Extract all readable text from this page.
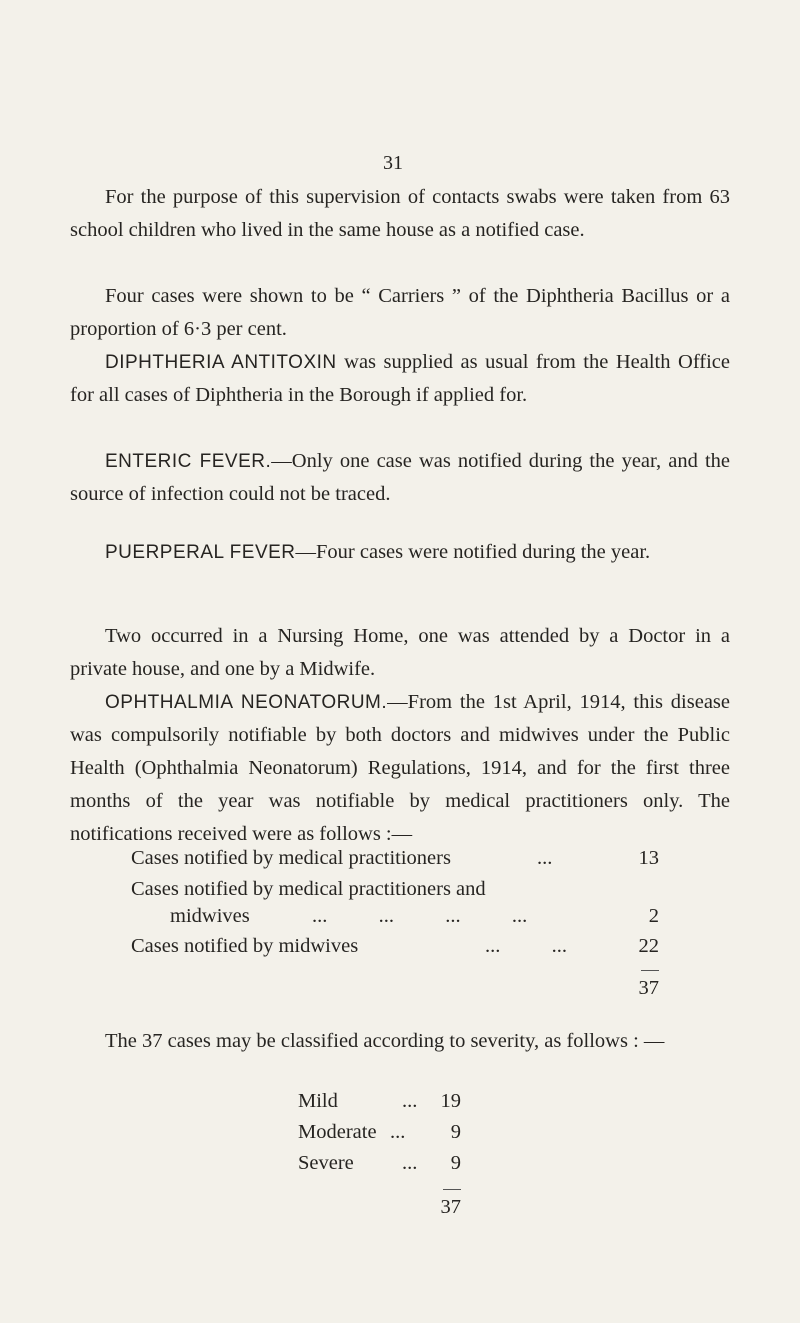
31

For the purpose of this supervision of contacts swabs were taken from 63 school children who lived in the same house as a notified case.

Four cases were shown to be “ Carriers ” of the Diphtheria Bacillus or a proportion of 6·3 per cent.

DIPHTHERIA ANTITOXIN was supplied as usual from the Health Office for all cases of Diphtheria in the Borough if applied for.

ENTERIC FEVER.—Only one case was notified during the year, and the source of infection could not be traced.

PUERPERAL FEVER—Four cases were notified during the year.

Two occurred in a Nursing Home, one was attended by a Doctor in a private house, and one by a Midwife.

OPHTHALMIA NEONATORUM.—From the 1st April, 1914, this disease was compulsorily notifiable by both doctors and midwives under the Public Health (Ophthalmia Neonatorum) Regulations, 1914, and for the first three months of the year was notifiable by medical practitioners only. The notifications received were as follows :—

Cases notified by medical practitioners	...	13
Cases notified by medical practitioners and
midwives	...          ...          ...          ...	2
Cases notified by midwives	...          ...	22
37

The 37 cases may be classified according to severity, as follows : —

Mild	...	19
Moderate ...	9
Severe ...	9
37
